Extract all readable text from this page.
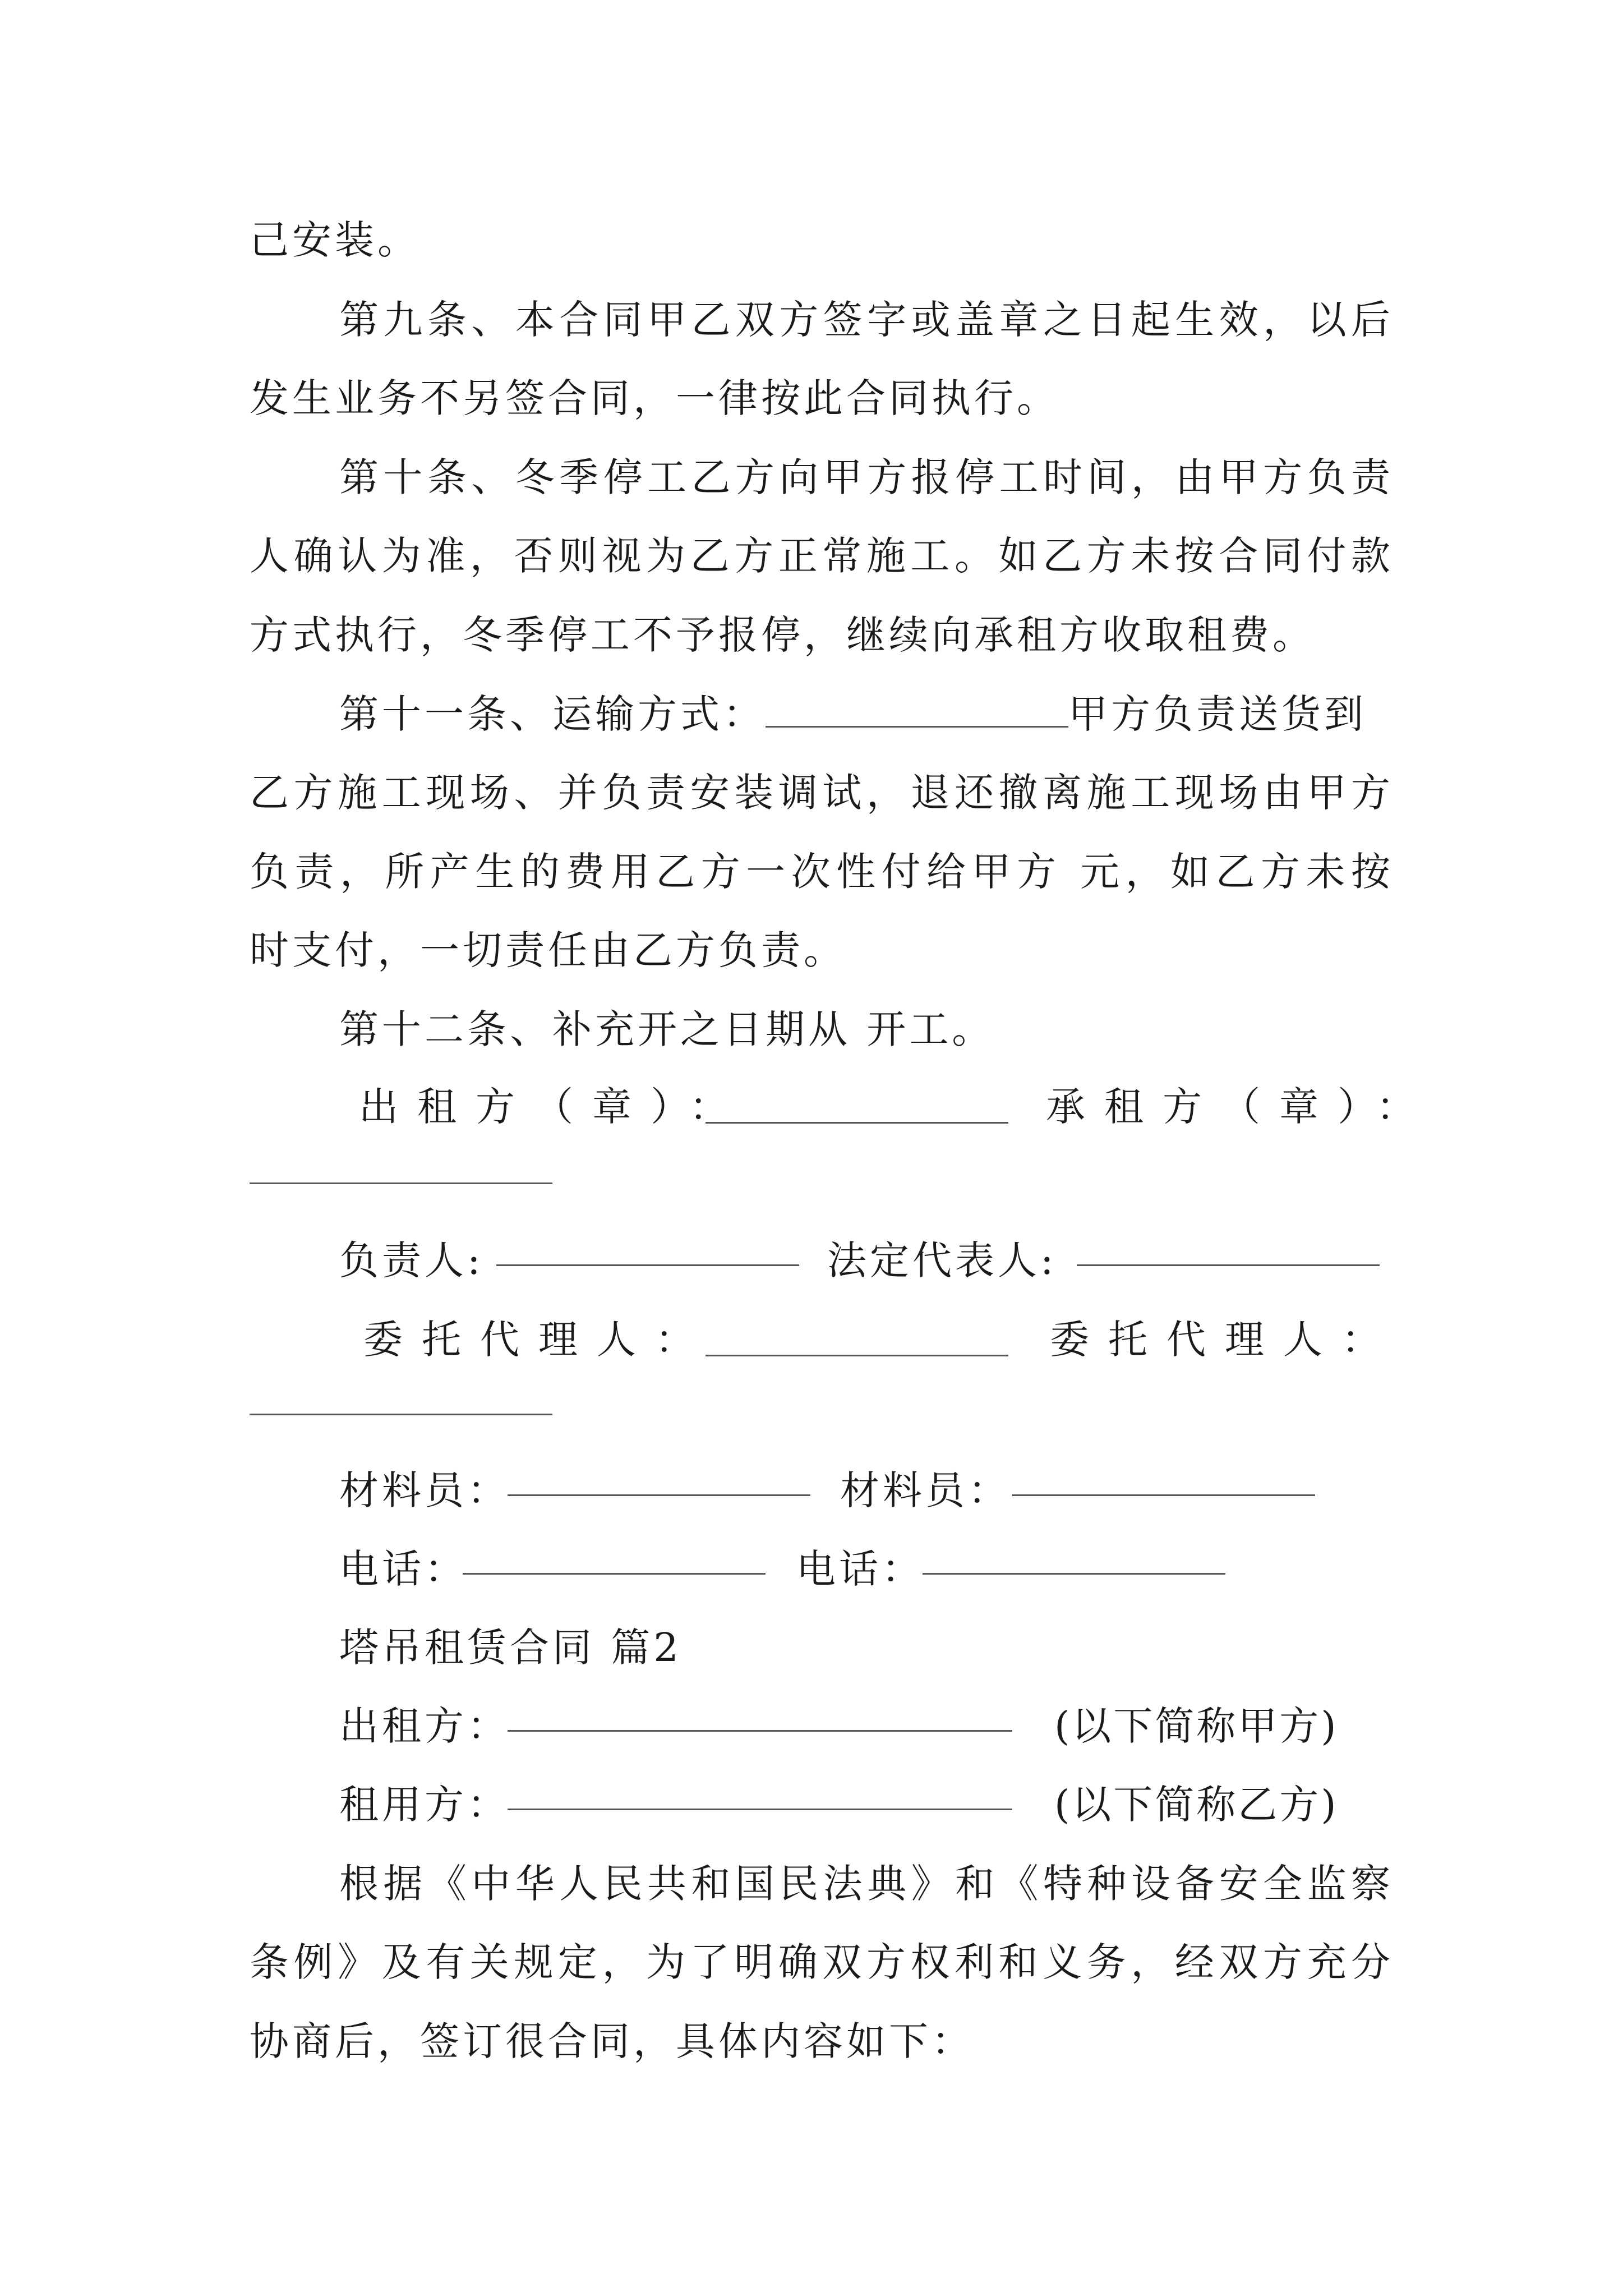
己安装。
第九条、本合同甲乙双方签字或盖章之日起生效，以后
发生业务不另签合同，一律按此合同执行。
第十条、冬季停工乙方向甲方报停工时间，由甲方负责
人确认为准，否则视为乙方正常施工。如乙方未按合同付款
方式执行，冬季停工不予报停，继续向承租方收取租费。
第十一条、运输方式：	甲方负责送货到
乙方施工现场、并负责安装调试，退还撤离施工现场由甲方
负责，所产生的费用乙方一次性付给甲方 元，如乙方未按
时支付，一切责任由乙方负责。
第十二条、补充开之日期从 开工。
出租方（章）：	承租方（章）：
负责人:	法定代表人:
委托代理人：	委托代理人：
材料员：	材料员：
电话：	电话：
塔吊租赁合同 篇2
出租方：	(以下简称甲方)
租用方：	(以下简称乙方)
根据《中华人民共和国民法典》和《特种设备安全监察
条例》及有关规定，为了明确双方权利和义务，经双方充分
协商后，签订很合同，具体内容如下：
